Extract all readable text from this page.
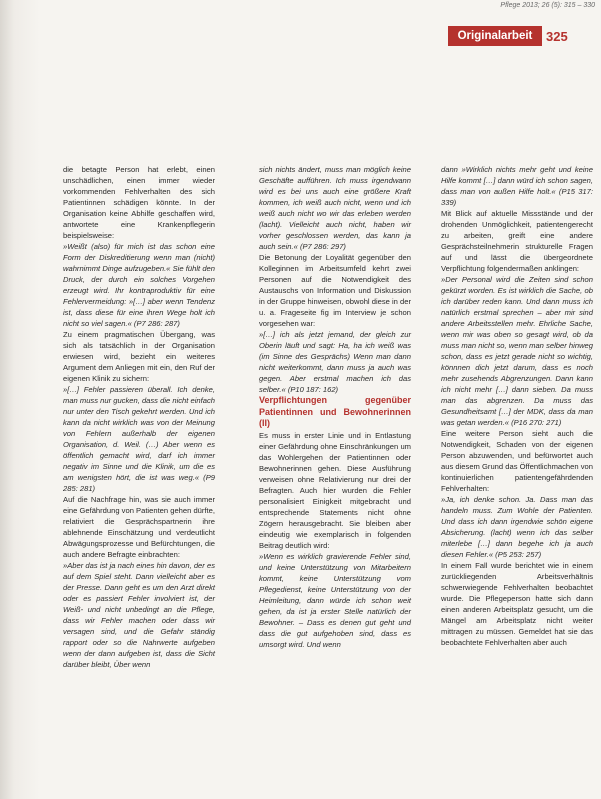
Pflege 2013; 26 (5): 315 – 330
Originalarbeit	325

die betagte Person hat erlebt, einen unschädlichen, einen immer wieder vorkommenden Fehlverhalten des sich Patientinnen schädigen könnte. In der Organisation keine Abhilfe geschaffen wird, antwortete eine Krankenpflegerin beispielsweise:

»Weißt (also) für mich ist das schon eine Form der Diskreditierung wenn man (nicht) wahrnimmt Dinge aufzugeben.« Sie fühlt den Druck, der durch ein solches Vorgehen erzeugt wird. Ihr kontraproduktiv für eine Fehlervermeidung: »[…] aber wenn Tendenz ist, dass diese für eine ihren Wege holt ich nicht so viel sagen.« (P7 286: 287)

Zu einem pragmatischen Übergang, was sich als tatsächlich in der Organisation erwiesen wird, bezieht ein weiteres Argument dem Anliegen mit ein, den Ruf der eigenen Klinik zu sichern:

»[…] Fehler passieren überall. Ich denke, man muss nur gucken, dass die nicht einfach nur unter den Tisch gekehrt werden. Und ich kann da nicht wirklich was von der Meinung von Fehlern außerhalb der eigenen Organisation, d. Weil. (…) Aber wenn es öffentlich gemacht wird, darf ich immer negativ im Sinne und die Klinik, um die es am wenigsten hört, die ist was weg.« (P9 285: 281)

Auf die Nachfrage hin, was sie auch immer eine Gefährdung von Patienten gehen dürfte, relativiert die Gesprächspartnerin ihre ablehnende Einschätzung und verdeutlicht Abwägungsprozesse und Befürchtungen, die auch andere Befragte einbrachten:

»Aber das ist ja nach eines hin davon, der es auf dem Spiel steht. Dann vielleicht aber es der Presse. Dann geht es um den Arzt direkt oder es passiert Fehler involviert ist, der Weiß- und nicht unbedingt an die Pflege, dass wir Fehler machen oder dass wir versagen sind, und die Gefahr ständig rapport oder so die Nahrwerte aufgeben wenn der dann aufgeben ist, dass die Sicht darüber bleibt, Über wenn

sich nichts ändert, muss man möglich keine Geschäfte aufführen. Ich muss irgendwann wird es bei uns auch eine größere Kraft kommen, ich weiß auch nicht, wenn und ich weiß auch nicht wo wir das erleben werden (lacht). Vielleicht auch nicht, haben wir vorher geschlossen werden, das kann ja auch sein.« (P7 286: 297)

Die Betonung der Loyalität gegenüber den Kolleginnen im Arbeitsumfeld kehrt zwei Personen auf die Notwendigkeit des Austauschs von Information und Diskussion in der Gruppe hinweisen, obwohl diese in der u. a. Frageseite fig im Interview je schon vorgesehen war:

»[…] ich als jetzt jemand, der gleich zur Oberin läuft und sagt: Ha, ha ich weiß was (im Sinne des Gesprächs) Wenn man dann nicht weiterkommt, dann muss ja auch was gegen. Aber erstmal machen ich das selber.« (P10 187: 162)

Verpflichtungen gegenüber Patientinnen und Bewohnerinnen (II)

Es muss in erster Linie und in Entlastung einer Gefährdung ohne Einschränkungen um das Wohlergehen der Patientinnen oder Bewohnerinnen gehen. Diese Ausführung verweisen ohne Relativierung nur drei der Befragten. Auch hier wurden die Fehler personalisiert Einigkeit mitgebracht und entsprechende Statements nicht ohne Zögern herausgebracht. Sie bleiben aber eindeutig wie exemplarisch in folgenden Beitrag deutlich wird:

»Wenn es wirklich gravierende Fehler sind, und keine Unterstützung von Mitarbeitern kommt, keine Unterstützung vom Pflegedienst, keine Unterstützung von der Heimleitung, dann würde ich schon weit gehen, da ist ja erster Stelle natürlich der Bewohner. – Dass es denen gut geht und dass die gut aufgehoben sind, dass es umsorgt wird. Und wenn

dann »Wirklich nichts mehr geht und keine Hilfe kommt […] dann würd ich schon sagen, dass man von außen Hilfe holt.« (P15 317: 339)

Mit Blick auf aktuelle Missstände und der drohenden Unmöglichkeit, patientengerecht zu arbeiten, greift eine andere Gesprächsteilnehmerin strukturelle Fragen auf und lässt die übergeordnete Verpflichtung folgendermaßen anklingen:

»Der Personal wird die Zeiten sind schon gekürzt worden. Es ist wirklich die Sache, ob ich darüber reden kann. Und dann muss ich natürlich erstmal sprechen – aber mir sind andere Arbeitsstellen mehr. Ehrliche Sache, wenn mir was oben so gesagt wird, ob da muss man nicht so, wenn man selber hinweg schon, dass es jetzt gerade nicht so wichtig, könnnen dich jetzt darum, dass es noch mehr zusehends Abgrenzungen. Dann kann ich nicht mehr […] dann sieben. Da muss man das abgrenzen. Da muss das Gesundheitsamt […] der MDK, dass da man was getan werden.« (P16 270: 271)

Eine weitere Person sieht auch die Notwendigkeit, Schaden von der eigenen Person abzuwenden, und befürwortet auch aus diesem Grund das Öffentlichmachen von kontinuierlichen patientengefährdenden Fehlverhalten:

»Ja, ich denke schon. Ja. Dass man das handeln muss. Zum Wohle der Patienten. Und dass ich dann irgendwie schön eigene Absicherung. (lacht) wenn ich das selber miterlebe […] dann begehe ich ja auch diesen Fehler.« (P5 253: 257)

In einem Fall wurde berichtet wie in einem zurückliegenden Arbeitsverhältnis schwerwiegende Fehlverhalten beobachtet wurde. Die Pflegeperson hatte sich dann einen anderen Arbeitsplatz gesucht, um die Mängel am Arbeitsplatz nicht weiter mittragen zu müssen. Gemeldet hat sie das beobachtete Fehlverhalten aber auch
